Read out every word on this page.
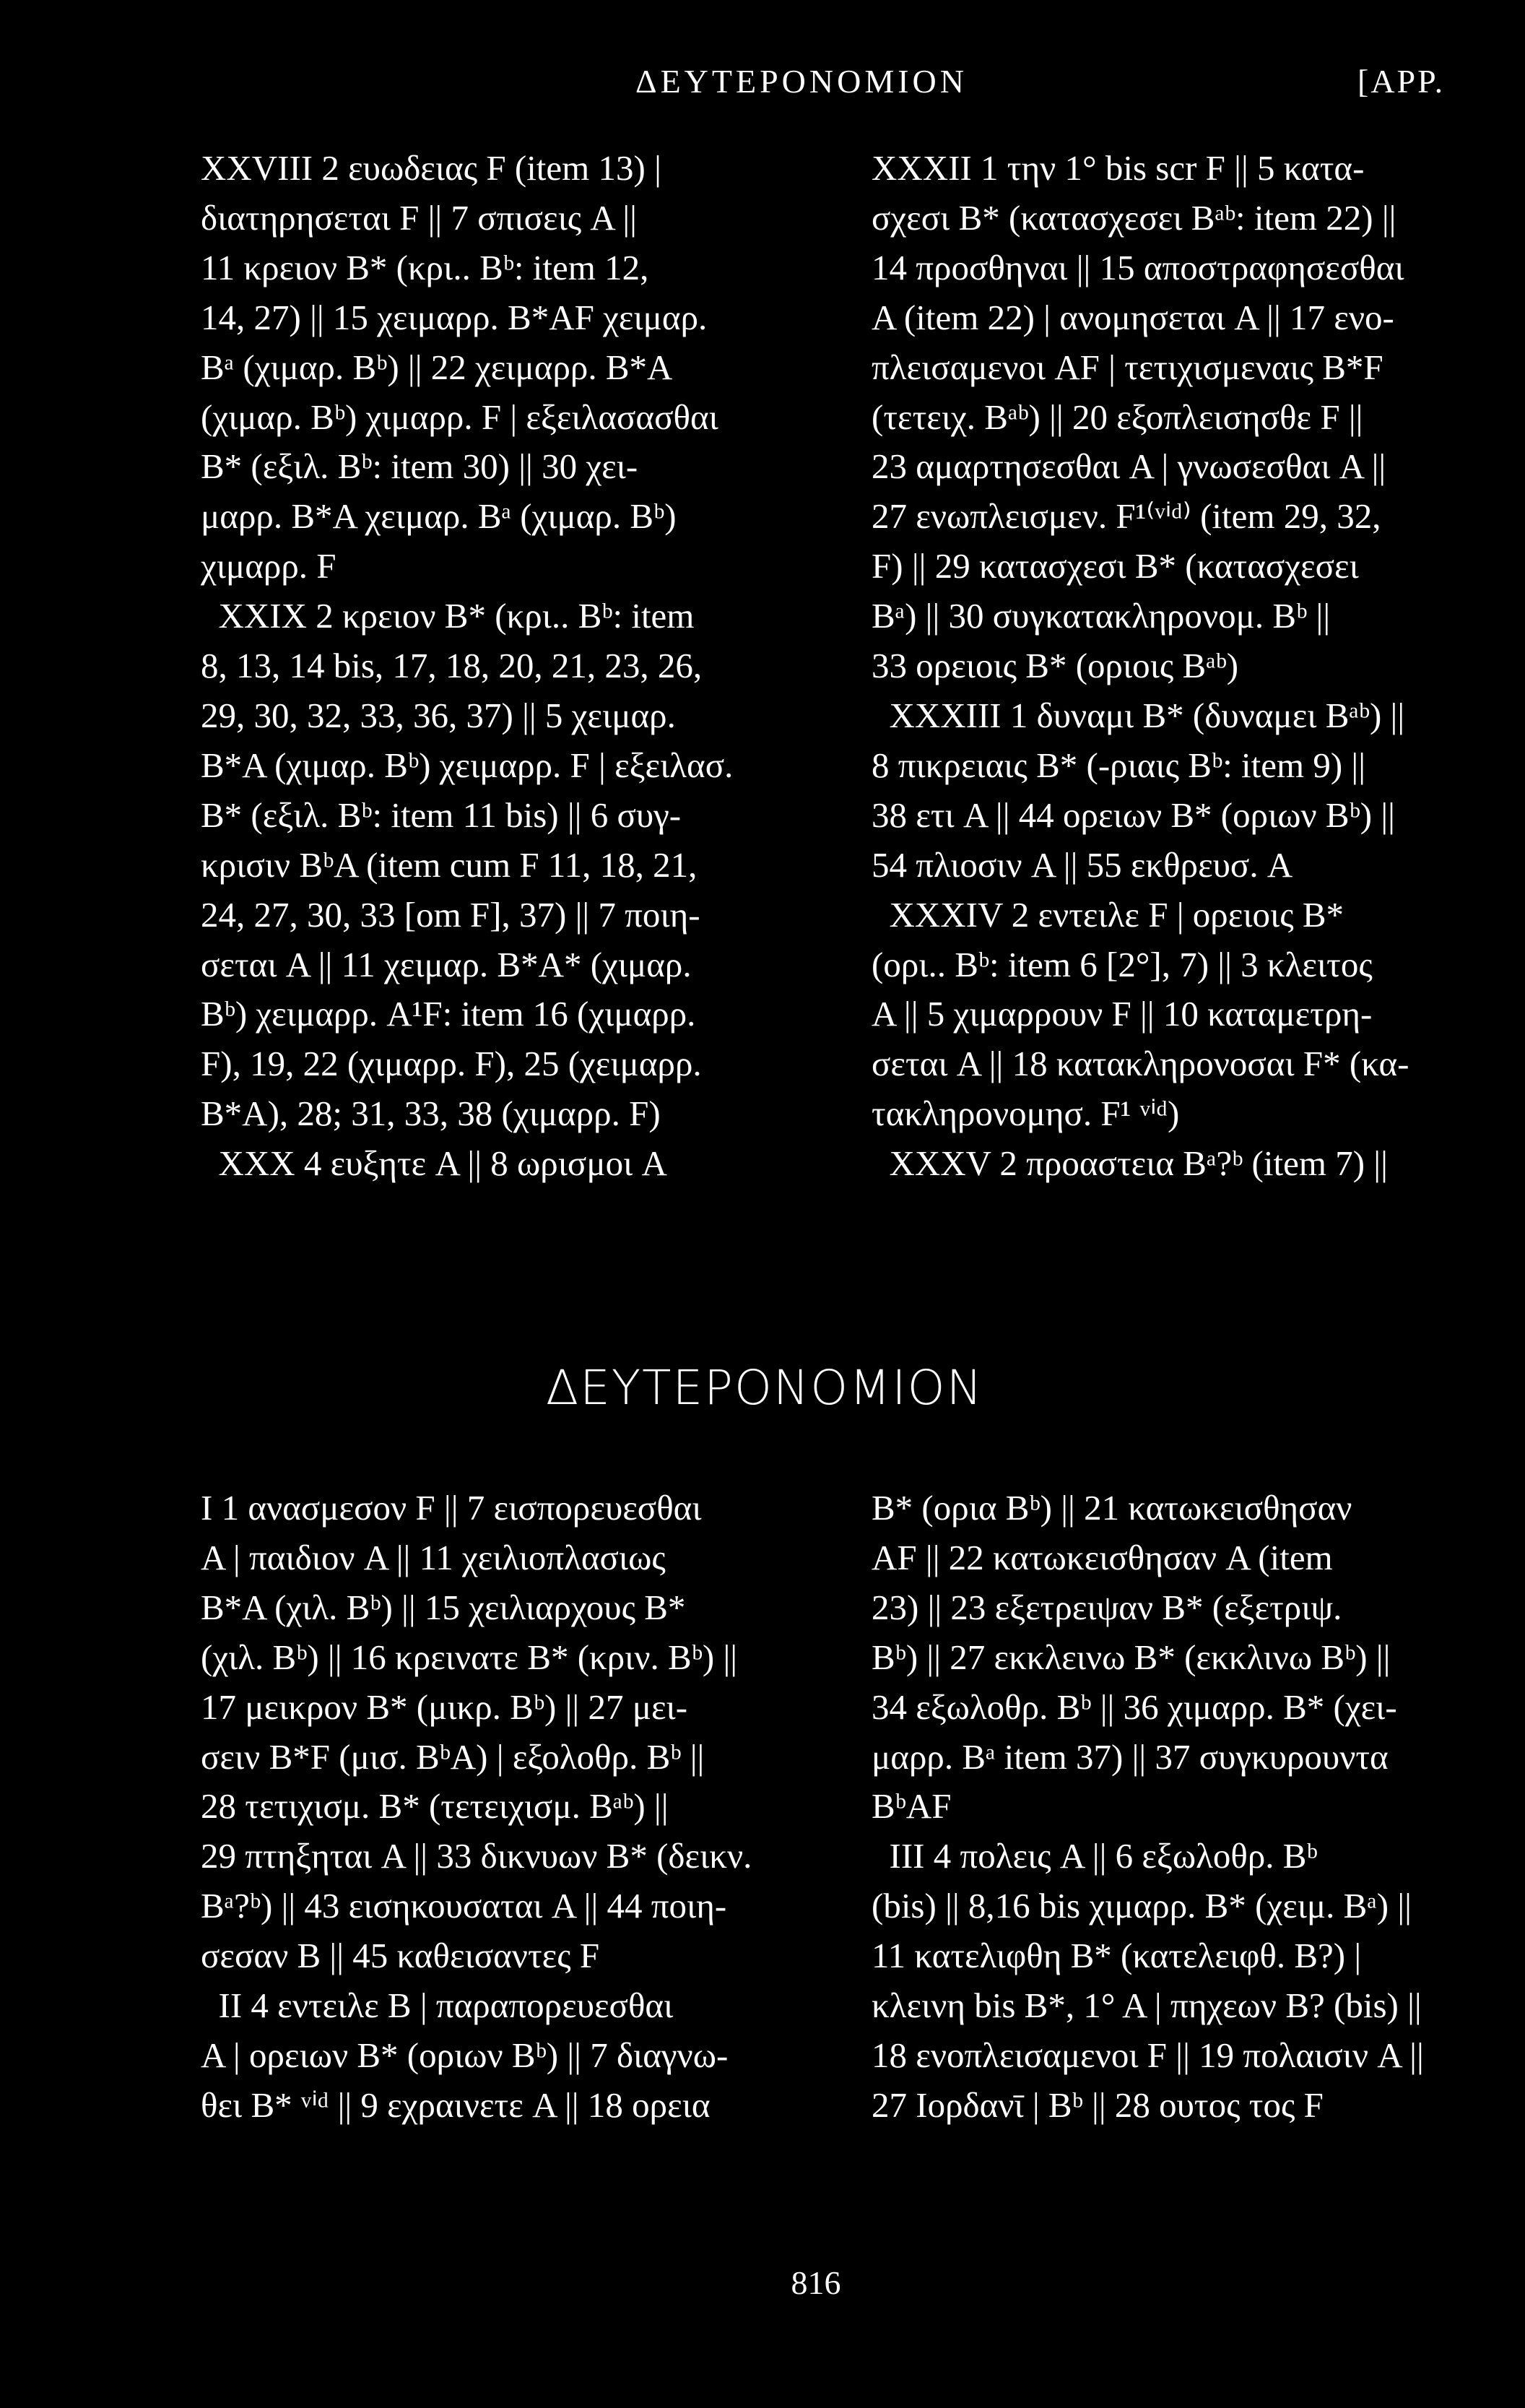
ΔΕΥΤΕΡΟΝΟΜΙΟΝ	[APP.
XXVIII 2 ευωδειας F (item 13) |
διατηρησεται F || 7 σπισεις A ||
11 κρειον B* (κρι.. Bᵇ: item 12,
14, 27) || 15 χειμαρρ. B*AF χειμαρ.
Bᵃ (χιμαρ. Bᵇ) || 22 χειμαρρ. B*A
(χιμαρ. Bᵇ) χιμαρρ. F | εξειλασασθαι
B* (εξιλ. Bᵇ: item 30) || 30 χει-
μαρρ. B*A χειμαρ. Bᵃ (χιμαρ. Bᵇ)
χιμαρρ. F
XXIX 2 κρειον B* (κρι.. Bᵇ: item
8, 13, 14 bis, 17, 18, 20, 21, 23, 26,
29, 30, 32, 33, 36, 37) || 5 χειμαρ.
B*A (χιμαρ. Bᵇ) χειμαρρ. F | εξειλασ.
B* (εξιλ. Bᵇ: item 11 bis) || 6 συγ-
κρισιν BᵇA (item cum F 11, 18, 21,
24, 27, 30, 33 [om F], 37) || 7 ποιη-
σεται A || 11 χειμαρ. B*A* (χιμαρ.
Bᵇ) χειμαρρ. A¹F: item 16 (χιμαρρ.
F), 19, 22 (χιμαρρ. F), 25 (χειμαρρ.
B*A), 28; 31, 33, 38 (χιμαρρ. F)
XXX 4 ευξητε A || 8 ωρισμοι A

XXXII 1 την 1° bis scr F || 5 κατα-
σχεσι B* (κατασχεσει Bᵃᵇ: item 22) ||
14 προσθηναι || 15 αποστραφησεσθαι
A (item 22) | ανομησεται A || 17 ενο-
πλεισαμενοι AF | τετιχισμεναις B*F
(τετειχ. Bᵃᵇ) || 20 εξοπλεισησθε F ||
23 αμαρτησεσθαι A | γνωσεσθαι A ||
27 ενωπλεισμεν. F¹⁽ᵛⁱᵈ⁾ (item 29, 32,
F) || 29 κατασχεσι B* (κατασχεσει
Bᵃ) || 30 συγκατακληρονομ. Bᵇ ||
33 ορειοις B* (οριοις Bᵃᵇ)
XXXIII 1 δυναμι B* (δυναμει Bᵃᵇ) ||
8 πικρειαις B* (-ριαις Bᵇ: item 9) ||
38 ετι A || 44 ορειων B* (οριων Bᵇ) ||
54 πλιοσιν A || 55 εκθρευσ. A
XXXIV 2 εντειλε F | ορειοις B*
(ορι.. Bᵇ: item 6 [2°], 7) || 3 κλειτος
A || 5 χιμαρρουν F || 10 καταμετρη-
σεται A || 18 κατακληρονοσαι F* (κα-
τακληρονομησ. F¹ ᵛⁱᵈ)
XXXV 2 προαστεια Bᵃ?ᵇ (item 7) ||

ΔΕΥΤΕΡΟΝΟΜΙΟΝ
I 1 ανασμεσον F || 7 εισπορευεσθαι
A | παιδιον A || 11 χειλιοπλασιως
B*A (χιλ. Bᵇ) || 15 χειλιαρχους B*
(χιλ. Bᵇ) || 16 κρεινατε B* (κριν. Bᵇ) ||
17 μεικρον B* (μικρ. Bᵇ) || 27 μει-
σειν B*F (μισ. BᵇA) | εξολοθρ. Bᵇ ||
28 τετιχισμ. B* (τετειχισμ. Bᵃᵇ) ||
29 πτηξηται A || 33 δικνυων B* (δεικν.
Bᵃ?ᵇ) || 43 εισηκουσαται A || 44 ποιη-
σεσαν B || 45 καθεισαντες F
II 4 εντειλε B | παραπορευεσθαι
A | ορειων B* (οριων Bᵇ) || 7 διαγνω-
θει B* ᵛⁱᵈ || 9 εχραινετε A || 18 ορεια
B* (ορια Bᵇ) || 21 κατωκεισθησαν
AF || 22 κατωκεισθησαν A (item
23) || 23 εξετρειψαν B* (εξετριψ.
Bᵇ) || 27 εκκλεινω B* (εκκλινω Bᵇ) ||
34 εξωλοθρ. Bᵇ || 36 χιμαρρ. B* (χει-
μαρρ. Bᵃ item 37) || 37 συγκυρουντα
BᵇAF
III 4 πολεις A || 6 εξωλοθρ. Bᵇ
(bis) || 8,16 bis χιμαρρ. B* (χειμ. Bᵃ) ||
11 κατελιφθη B* (κατελειφθ. B?) |
κλεινη bis B*, 1° A | πηχεων B? (bis) ||
18 ενοπλεισαμενοι F || 19 πολαισιν A ||
27 Ιορδανῑ | Bᵇ || 28 ουτος τος F
816
